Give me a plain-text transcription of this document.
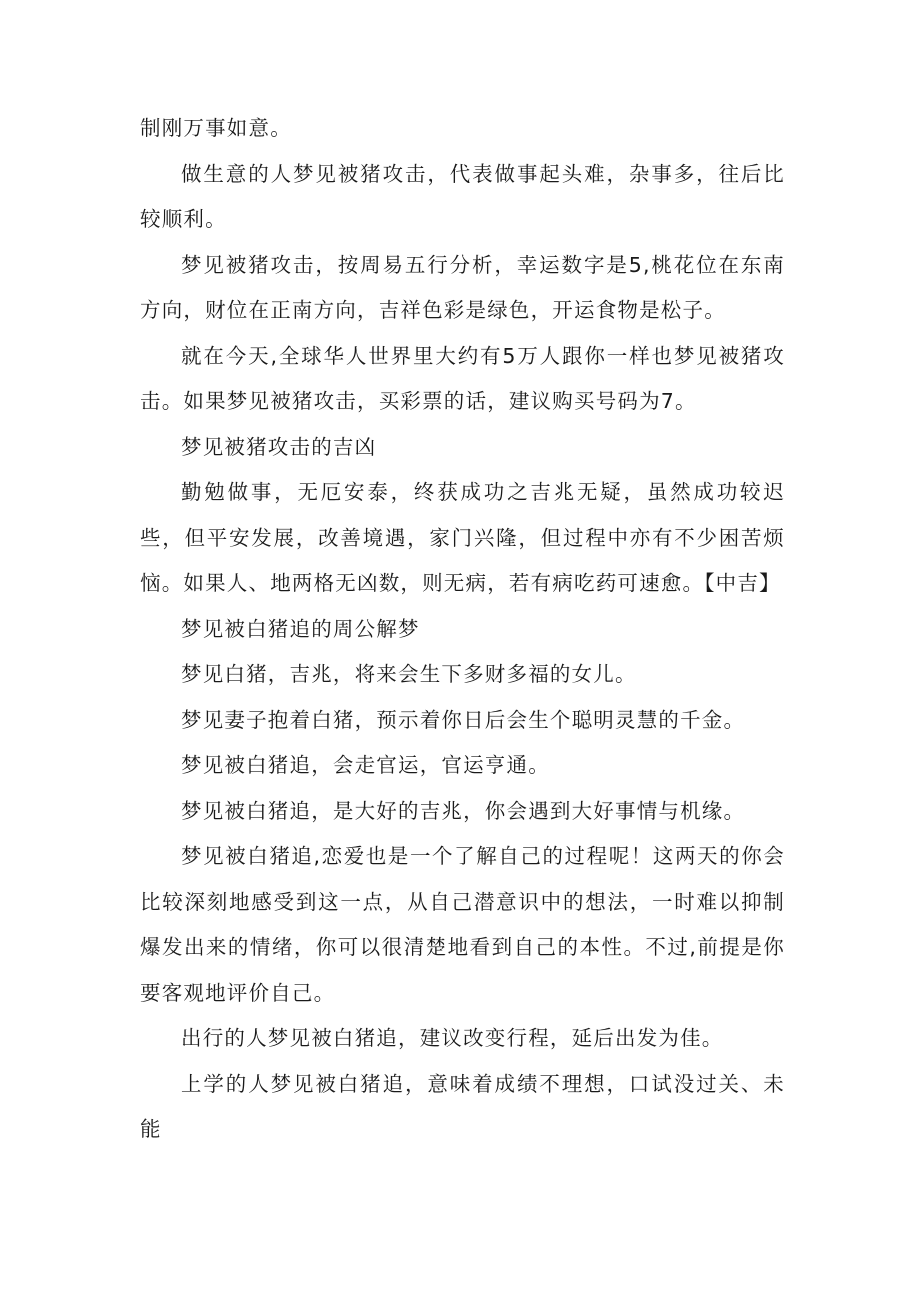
制刚万事如意。

做生意的人梦见被猪攻击，代表做事起头难，杂事多，往后比较顺利。

梦见被猪攻击，按周易五行分析，幸运数字是5,桃花位在东南方向，财位在正南方向，吉祥色彩是绿色，开运食物是松子。

就在今天,全球华人世界里大约有5万人跟你一样也梦见被猪攻击。如果梦见被猪攻击，买彩票的话，建议购买号码为7。

梦见被猪攻击的吉凶

勤勉做事，无厄安泰，终获成功之吉兆无疑，虽然成功较迟些，但平安发展，改善境遇，家门兴隆，但过程中亦有不少困苦烦恼。如果人、地两格无凶数，则无病，若有病吃药可速愈。【中吉】

梦见被白猪追的周公解梦

梦见白猪，吉兆，将来会生下多财多福的女儿。

梦见妻子抱着白猪，预示着你日后会生个聪明灵慧的千金。

梦见被白猪追，会走官运，官运亨通。

梦见被白猪追，是大好的吉兆，你会遇到大好事情与机缘。

梦见被白猪追,恋爱也是一个了解自己的过程呢！这两天的你会比较深刻地感受到这一点，从自己潜意识中的想法，一时难以抑制爆发出来的情绪，你可以很清楚地看到自己的本性。不过,前提是你要客观地评价自己。

出行的人梦见被白猪追，建议改变行程，延后出发为佳。

上学的人梦见被白猪追，意味着成绩不理想，口试没过关、未能
